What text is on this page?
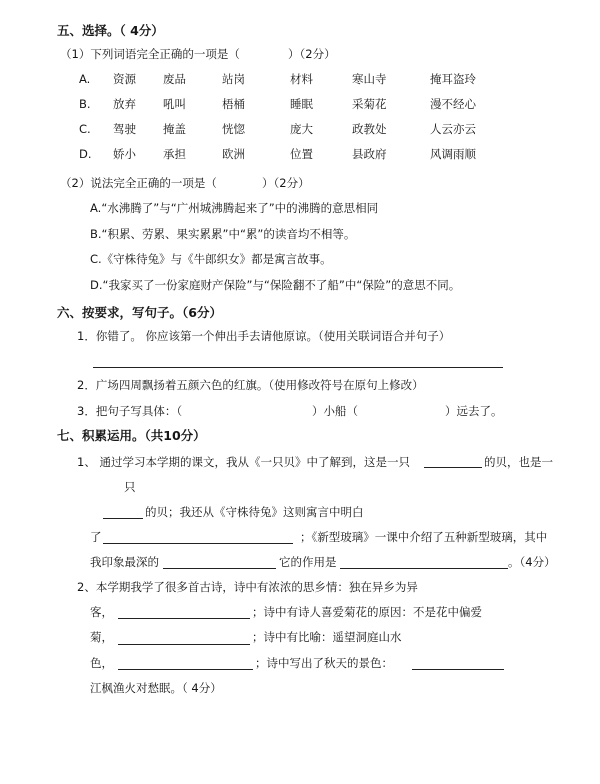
五、选择。（ 4分）
（1）下列词语完全正确的一项是（	）（2分）
A. 资源 废品	站岗	材料	寒山寺	掩耳盗玲
B. 放弃 吼叫	梧桶	睡眠	采菊花	漫不经心
C. 驾驶 掩盖	恍惚	庞大	政教处	人云亦云
D. 娇小 承担	欧洲	位置	县政府	风调雨顺
（2）说法完全正确的一项是（	）（2分）
A.“水沸腾了”与“广州城沸腾起来了”中的沸腾的意思相同
B.“积累、劳累、果实累累”中“累”的读音均不相等。
C.《守株待兔》与《牛郎织女》都是寓言故事。
D.“我家买了一份家庭财产保险”与“保险翻不了船”中“保险”的意思不同。
六、按要求，写句子。（6分）
1．你错了。 你应该第一个伸出手去请他原谅。（使用关联词语合并句子）
2．广场四周飘扬着五颜六色的红旗。（使用修改符号在原句上修改）
3．把句子写具体：（	）小船（	）远去了。
七、积累运用。（共10分）
1、 通过学习本学期的课文，我从《一只贝》中了解到，这是一只	的贝，也是一
只
的贝；我还从《守株待兔》这则寓言中明白
了	；《新型玻璃》一课中介绍了五种新型玻璃，其中
我印象最深的	它的作用是	。（4分）
2、本学期我学了很多首古诗，诗中有浓浓的思乡情：独在异乡为异
客，	；诗中有诗人喜爱菊花的原因：不是花中偏爱
菊，	；诗中有比喻：遥望洞庭山水
色，	；诗中写出了秋天的景色：
江枫渔火对愁眠。（ 4分）
